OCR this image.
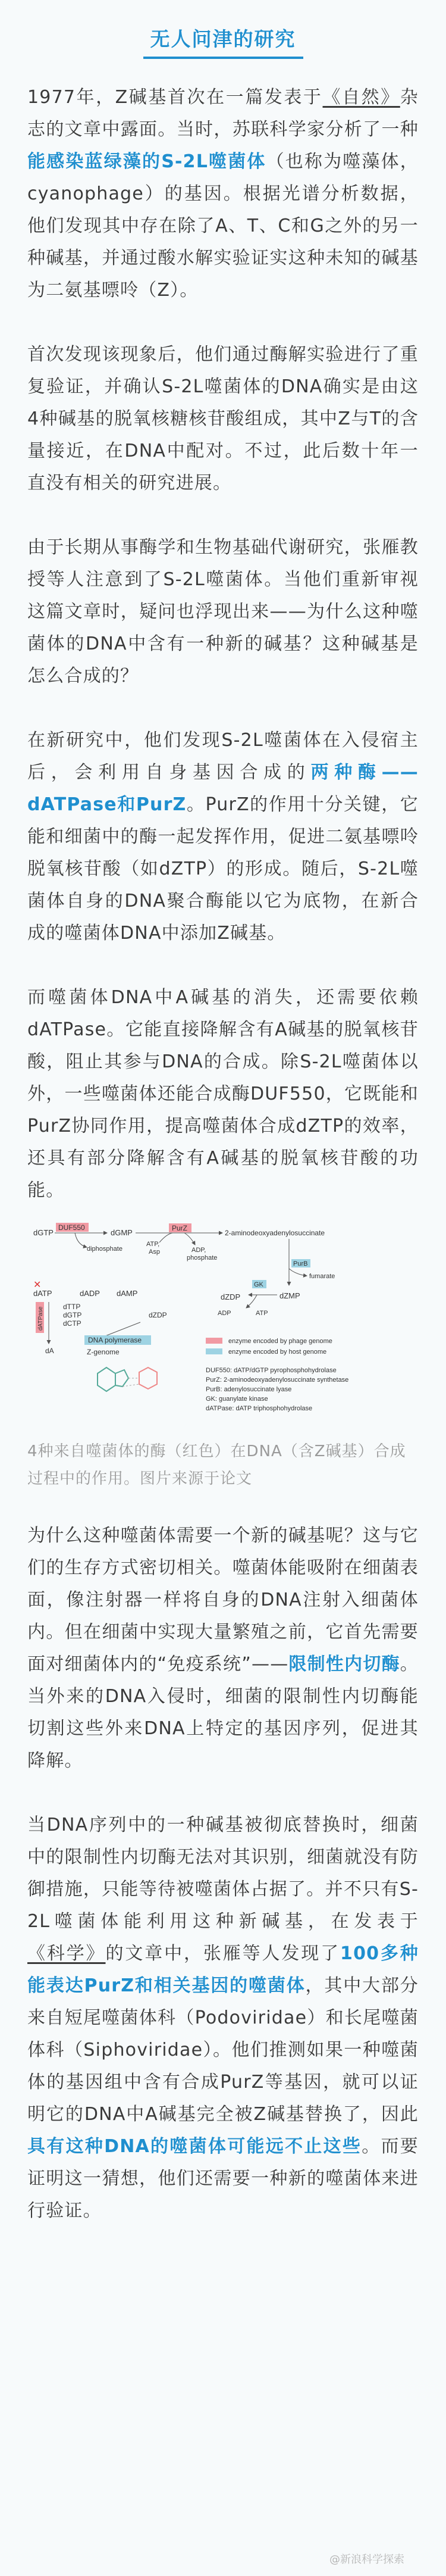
无人问津的研究

1977年，Z碱基首次在一篇发表于《自然》杂志的文章中露面。当时，苏联科学家分析了一种能感染蓝绿藻的S-2L噬菌体（也称为噬藻体，cyanophage）的基因。根据光谱分析数据，他们发现其中存在除了A、T、C和G之外的另一种碱基，并通过酸水解实验证实这种未知的碱基为二氨基嘌呤（Z）。

首次发现该现象后，他们通过酶解实验进行了重复验证，并确认S-2L噬菌体的DNA确实是由这4种碱基的脱氧核糖核苷酸组成，其中Z与T的含量接近，在DNA中配对。不过，此后数十年一直没有相关的研究进展。

由于长期从事酶学和生物基础代谢研究，张雁教授等人注意到了S-2L噬菌体。当他们重新审视这篇文章时，疑问也浮现出来——为什么这种噬菌体的DNA中含有一种新的碱基？这种碱基是怎么合成的？

在新研究中，他们发现S-2L噬菌体在入侵宿主后，会利用自身基因合成的两种酶——dATPase和PurZ。PurZ的作用十分关键，它能和细菌中的酶一起发挥作用，促进二氨基嘌呤脱氧核苷酸（如dZTP）的形成。随后，S-2L噬菌体自身的DNA聚合酶能以它为底物，在新合成的噬菌体DNA中添加Z碱基。

而噬菌体DNA中A碱基的消失，还需要依赖dATPase。它能直接降解含有A碱基的脱氧核苷酸，阻止其参与DNA的合成。除S-2L噬菌体以外，一些噬菌体还能合成酶DUF550，它既能和PurZ协同作用，提高噬菌体合成dZTP的效率，还具有部分降解含有A碱基的脱氧核苷酸的功能。

dGTP
DUF550
diphosphate
dGMP	PurZ
ATP,
Asp	ADP,
phosphate
2-aminodeoxyadenylosuccinate
PurB
fumarate
dATP	dADP dAMP
✕
dZDP
GK
dZMP
ATP
ADP
dATPase
dA
dTTP
dGTP
dCTP
dZDP
DNA polymerase
Z-genome
enzyme encoded by phage genome
enzyme encoded by host genome
DUF550: dATP/dGTP pyrophosphohydrolase
PurZ: 2-aminodeoxyadenylosuccinate synthetase
PurB: adenylosuccinate lyase
GK: guanylate kinase
dATPase: dATP triphosphohydrolase

4种来自噬菌体的酶（红色）在DNA（含Z碱基）合成过程中的作用。图片来源于论文

为什么这种噬菌体需要一个新的碱基呢？这与它们的生存方式密切相关。噬菌体能吸附在细菌表面，像注射器一样将自身的DNA注射入细菌体内。但在细菌中实现大量繁殖之前，它首先需要面对细菌体内的“免疫系统”——限制性内切酶。当外来的DNA入侵时，细菌的限制性内切酶能切割这些外来DNA上特定的基因序列，促进其降解。

当DNA序列中的一种碱基被彻底替换时，细菌中的限制性内切酶无法对其识别，细菌就没有防御措施，只能等待被噬菌体占据了。并不只有S-2L噬菌体能利用这种新碱基，在发表于《科学》的文章中，张雁等人发现了100多种能表达PurZ和相关基因的噬菌体，其中大部分来自短尾噬菌体科（Podoviridae）和长尾噬菌体科（Siphoviridae）。他们推测如果一种噬菌体的基因组中含有合成PurZ等基因，就可以证明它的DNA中A碱基完全被Z碱基替换了，因此具有这种DNA的噬菌体可能远不止这些。而要证明这一猜想，他们还需要一种新的噬菌体来进行验证。

@新浪科学探索
